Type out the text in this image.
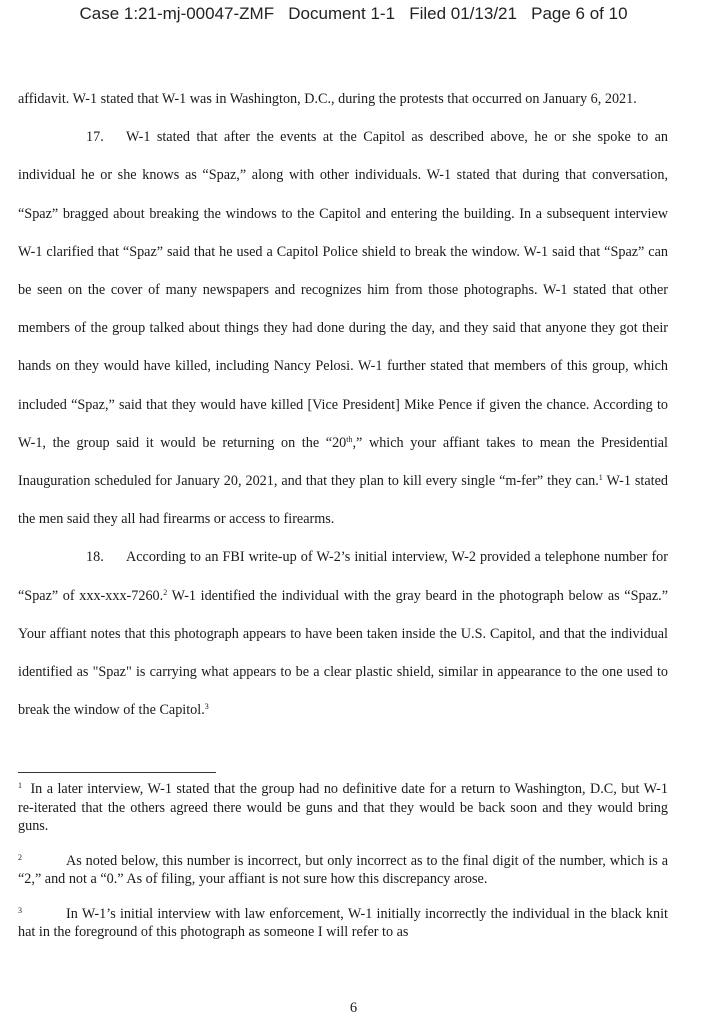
Case 1:21-mj-00047-ZMF   Document 1-1   Filed 01/13/21   Page 6 of 10

affidavit. W-1 stated that W-1 was in Washington, D.C., during the protests that occurred on January 6, 2021.

17. W-1 stated that after the events at the Capitol as described above, he or she spoke to an individual he or she knows as “Spaz,” along with other individuals. W-1 stated that during that conversation, “Spaz” bragged about breaking the windows to the Capitol and entering the building. In a subsequent interview W-1 clarified that “Spaz” said that he used a Capitol Police shield to break the window. W-1 said that “Spaz” can be seen on the cover of many newspapers and recognizes him from those photographs. W-1 stated that other members of the group talked about things they had done during the day, and they said that anyone they got their hands on they would have killed, including Nancy Pelosi. W-1 further stated that members of this group, which included “Spaz,” said that they would have killed [Vice President] Mike Pence if given the chance. According to W-1, the group said it would be returning on the “20th,” which your affiant takes to mean the Presidential Inauguration scheduled for January 20, 2021, and that they plan to kill every single “m-fer” they can.$^1$ W-1 stated the men said they all had firearms or access to firearms.

18. According to an FBI write-up of W-2’s initial interview, W-2 provided a telephone number for “Spaz” of xxx-xxx-7260.$^2$ W-1 identified the individual with the gray beard in the photograph below as “Spaz.” Your affiant notes that this photograph appears to have been taken inside the U.S. Capitol, and that the individual identified as "Spaz" is carrying what appears to be a clear plastic shield, similar in appearance to the one used to break the window of the Capitol.$^3$

1 In a later interview, W-1 stated that the group had no definitive date for a return to Washington, D.C, but W-1 re-iterated that the others agreed there would be guns and that they would be back soon and they would bring guns.

2	As noted below, this number is incorrect, but only incorrect as to the final digit of the number, which is a “2,” and not a “0.” As of filing, your affiant is not sure how this discrepancy arose.

3	In W-1’s initial interview with law enforcement, W-1 initially incorrectly the individual in the black knit hat in the foreground of this photograph as someone I will refer to as

6
